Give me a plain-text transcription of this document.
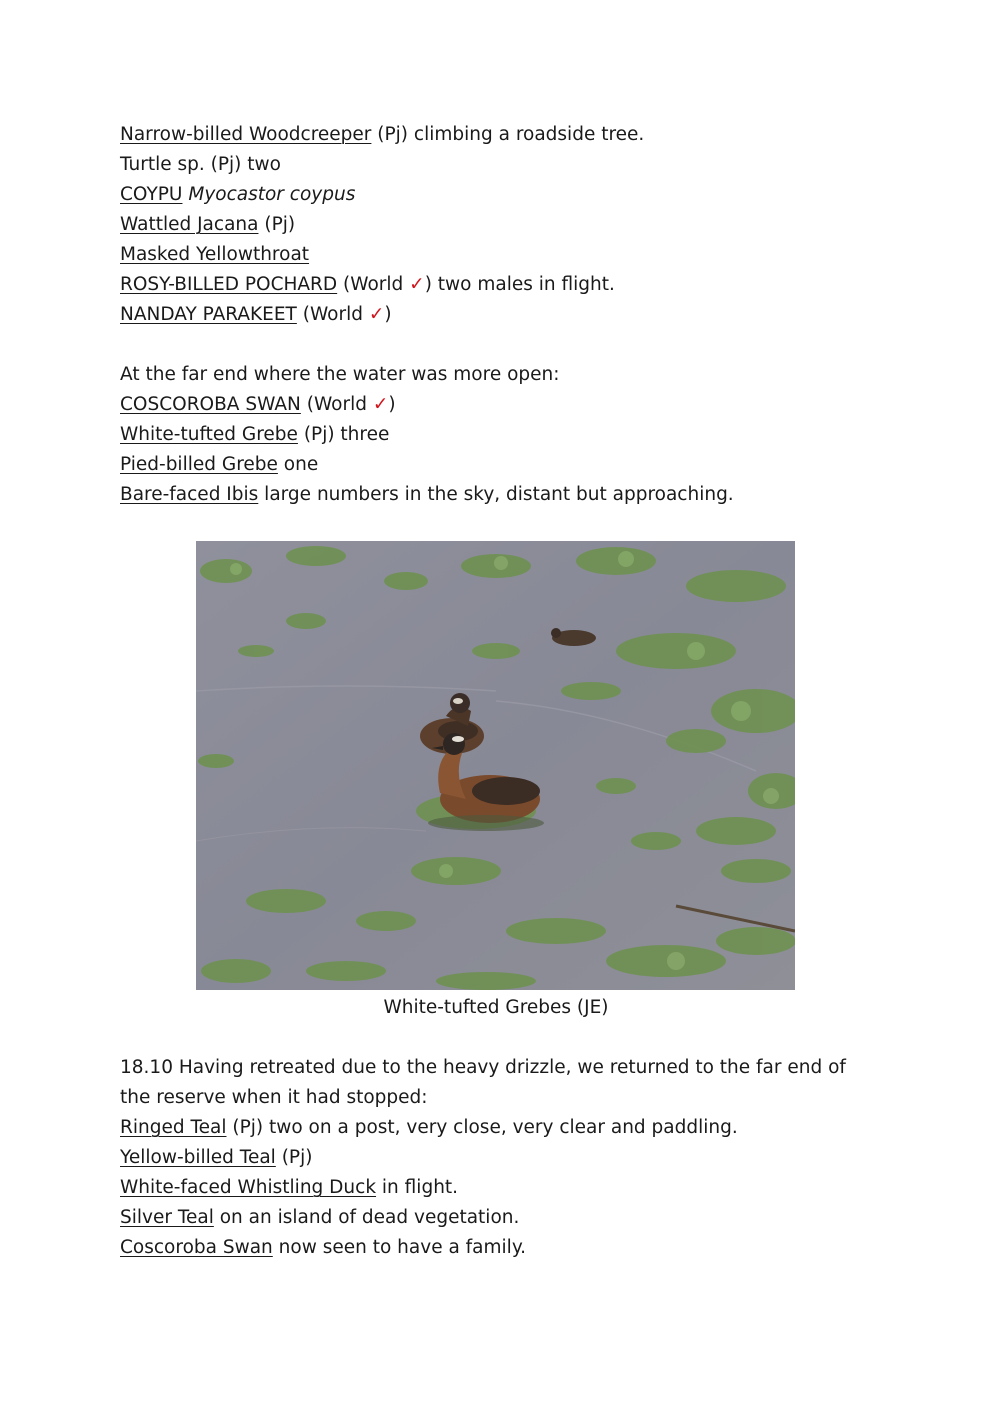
Narrow-billed Woodcreeper (Pj) climbing a roadside tree.
Turtle sp. (Pj) two
COYPU Myocastor coypus
Wattled Jacana (Pj)
Masked Yellowthroat
ROSY-BILLED POCHARD (World ✓) two males in flight.
NANDAY PARAKEET (World ✓)
At the far end where the water was more open:
COSCOROBA SWAN (World ✓)
White-tufted Grebe (Pj) three
Pied-billed Grebe one
Bare-faced Ibis large numbers in the sky, distant but approaching.
White-tufted Grebes (JE)
18.10 Having retreated due to the heavy drizzle, we returned to the far end of
the reserve when it had stopped:
Ringed Teal (Pj) two on a post, very close, very clear and paddling.
Yellow-billed Teal (Pj)
White-faced Whistling Duck in flight.
Silver Teal on an island of dead vegetation.
Coscoroba Swan now seen to have a family.
